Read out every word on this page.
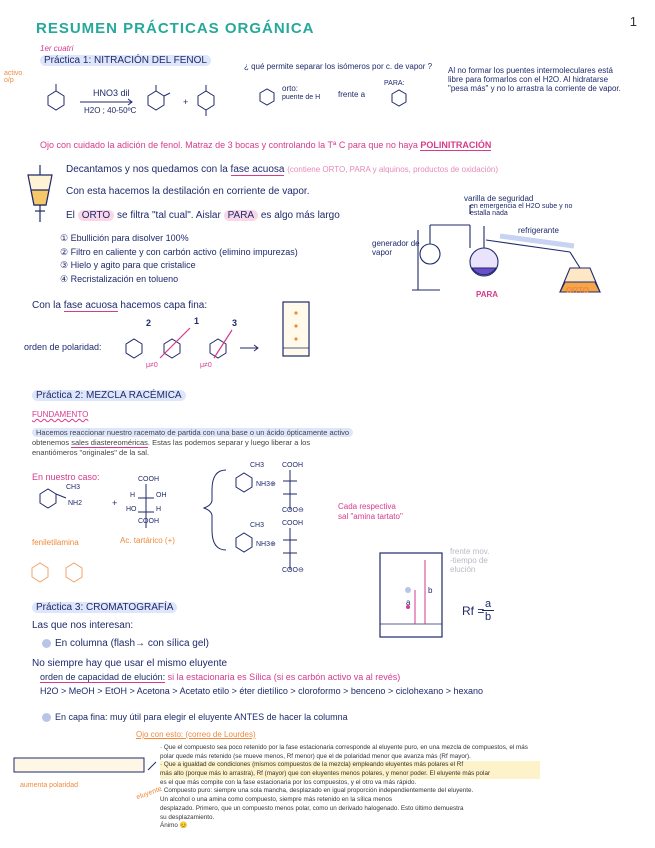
RESUMEN PRÁCTICAS ORGÁNICA	1
1er cuatri
Práctica 1: NITRACIÓN DEL FENOL
activo
o/p
HNO3 dil
H2O ; 40-50ºC
+
¿ qué permite separar los isómeros por c. de vapor ?
orto:
puente de H frente a
PARA:
Al no formar los puentes intermoleculares está libre para formarlos con el H2O. Al hidratarse "pesa más" y no lo arrastra la corriente de vapor.
Ojo con cuidado la adición de fenol. Matraz de 3 bocas y controlando la Tª C para que no haya POLINITRACIÓN
Decantamos y nos quedamos con la fase acuosa (contiene ORTO, PARA y alquinos, productos de oxidación)
Con esta hacemos la destilación en corriente de vapor.
El ORTO se filtra "tal cual". Aislar PARA es algo más largo
① Ebullición para disolver 100%
② Filtro en caliente y con carbón activo (elimino impurezas)
③ Hielo y agito para que cristalice
④ Recristalización en tolueno
varilla de seguridad
en emergencia el H2O sube y no estalla nada
refrigerante
generador de vapor
PARA	ORTO
Con la fase acuosa hacemos capa fina:
orden de polaridad:
2	1	3
μ≠0	μ≠0
Práctica 2: MEZCLA RACÉMICA
FUNDAMENTO
Hacemos reaccionar nuestro racemato de partida con una base o un ácido ópticamente activo
obtenemos sales diastereoméricas. Estas las podemos separar y luego liberar a los
enantiómeros "originales" de la sal.
En nuestro caso:
CH3
NH2	+
COOH
H	OH
HO	H
COOH
feniletilamina	Ac. tartárico (+)
CH3
NH3⊕
COOH
COO⊖
CH3
NH3⊕
COOH
COO⊖
Cada respectiva
sal "amina tartato"
Práctica 3: CROMATOGRAFÍA
Las que nos interesan:
En columna (flash→ con sílica gel)
No siempre hay que usar el mismo eluyente
orden de capacidad de elución: si la estacionaria es Sílica (si es carbón activo va al revés)
H2O > MeOH > EtOH > Acetona > Acetato etilo > éter dietílico > cloroformo > benceno > ciclohexano > hexano
En capa fina: muy útil para elegir el eluyente ANTES de hacer la columna
Ojo con esto: (correo de Lourdes)
frente mov.
-tiempo de
elución
b
a
Rf = a
b
aumenta polaridad
eluyente
· Que el compuesto sea poco retenido por la fase estacionaria corresponde al eluyente puro, en una mezcla de compuestos, el más
polar quede más retenido (se mueve menos, Rf menor) que el de polaridad menor que avanza más (Rf mayor).
· Que a igualdad de condiciones (mismos compuestos de la mezcla) empleando eluyentes más polares el Rf
más alto (porque más lo arrastra), Rf (mayor) que con eluyentes menos polares, y menor poder. El eluyente más polar
es el que más compite con la fase estacionaria por los compuestos, y el otro va más rápido.
· Compuesto puro: siempre una sola mancha, desplazado en igual proporción independientemente del eluyente.
Un alcohol o una amina como compuesto, siempre más retenido en la sílica menos
desplazado. Primero, que un compuesto menos polar, como un derivado halogenado. Esto último demuestra
su desplazamiento.
Ánimo 😊
